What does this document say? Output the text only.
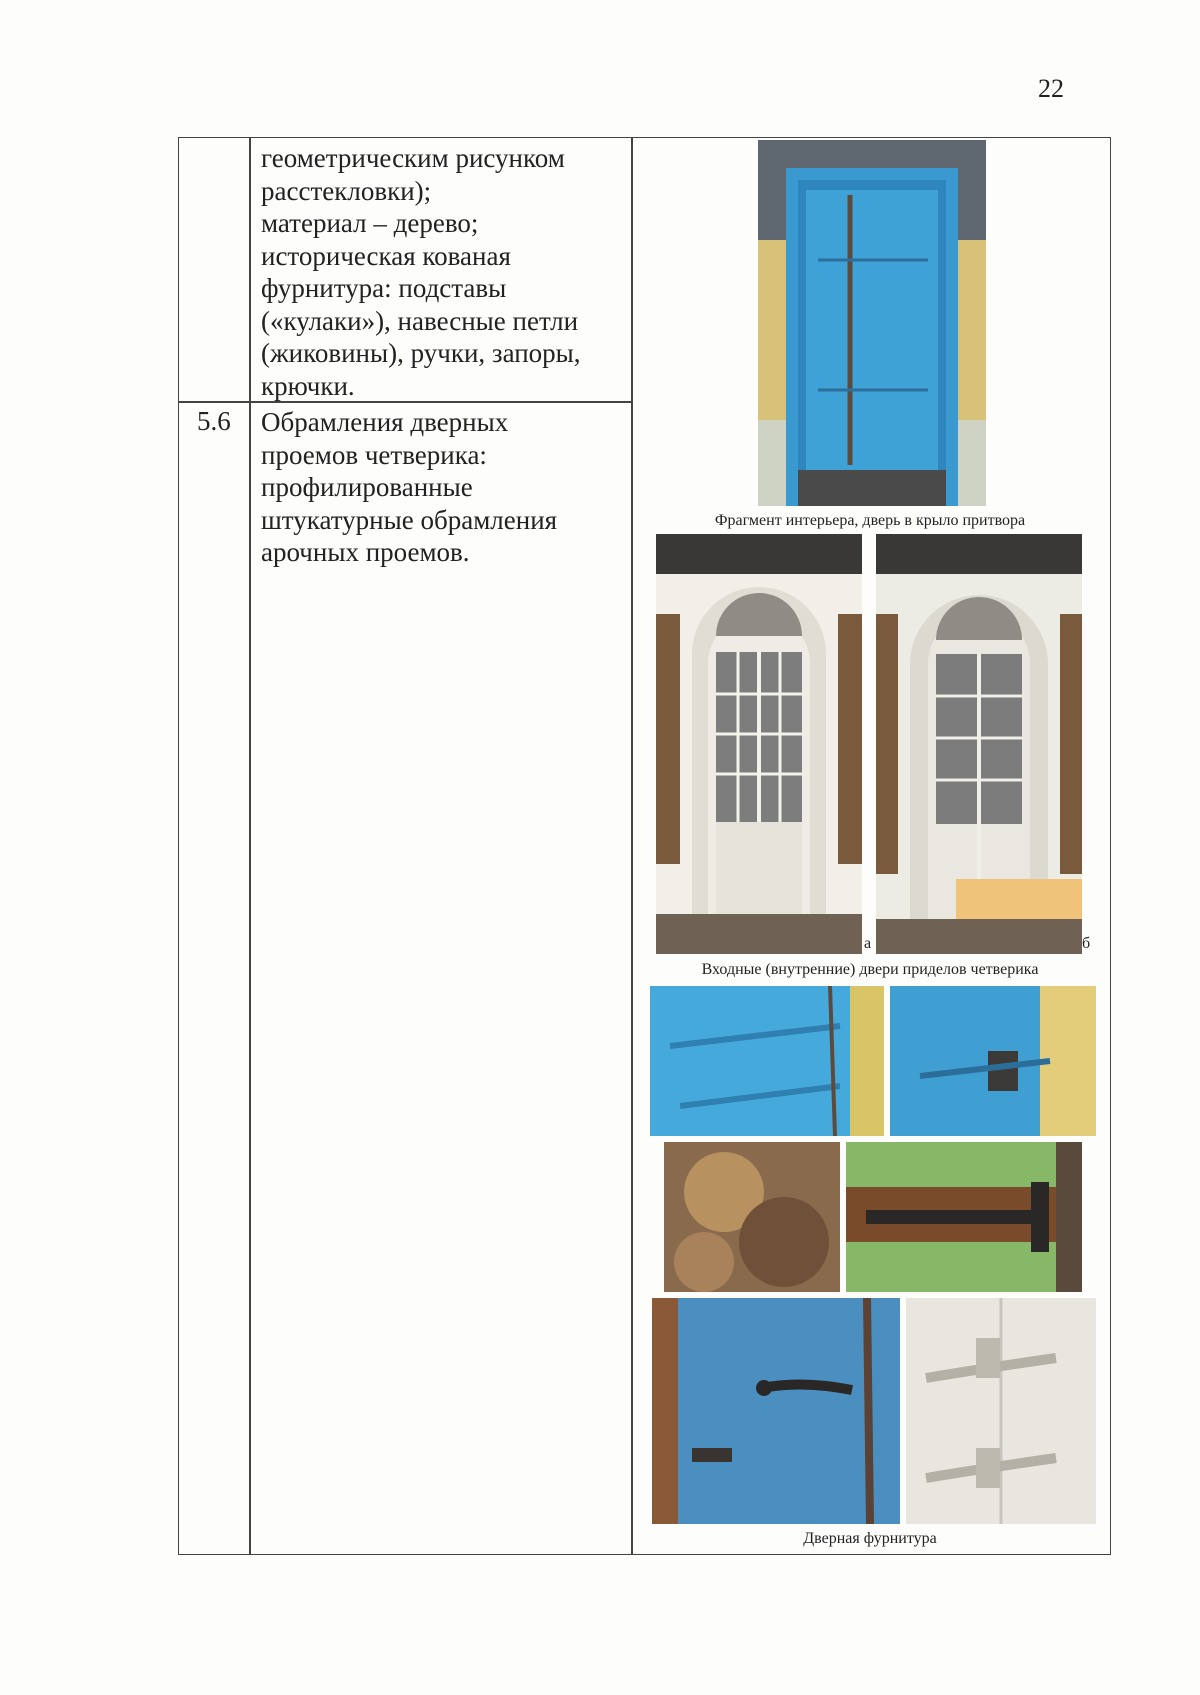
22
геометрическим рисунком
расстекловки);
материал – дерево;
историческая кованая
фурнитура: подставы
(«кулаки»), навесные петли
(жиковины), ручки, запоры,
крючки.
5.6 Обрамления дверных
проемов четверика:
профилированные
штукатурные обрамления
арочных проемов.
Фрагмент интерьера, дверь в крыло притвора
а	б
Входные (внутренние) двери приделов четверика
Дверная фурнитура
